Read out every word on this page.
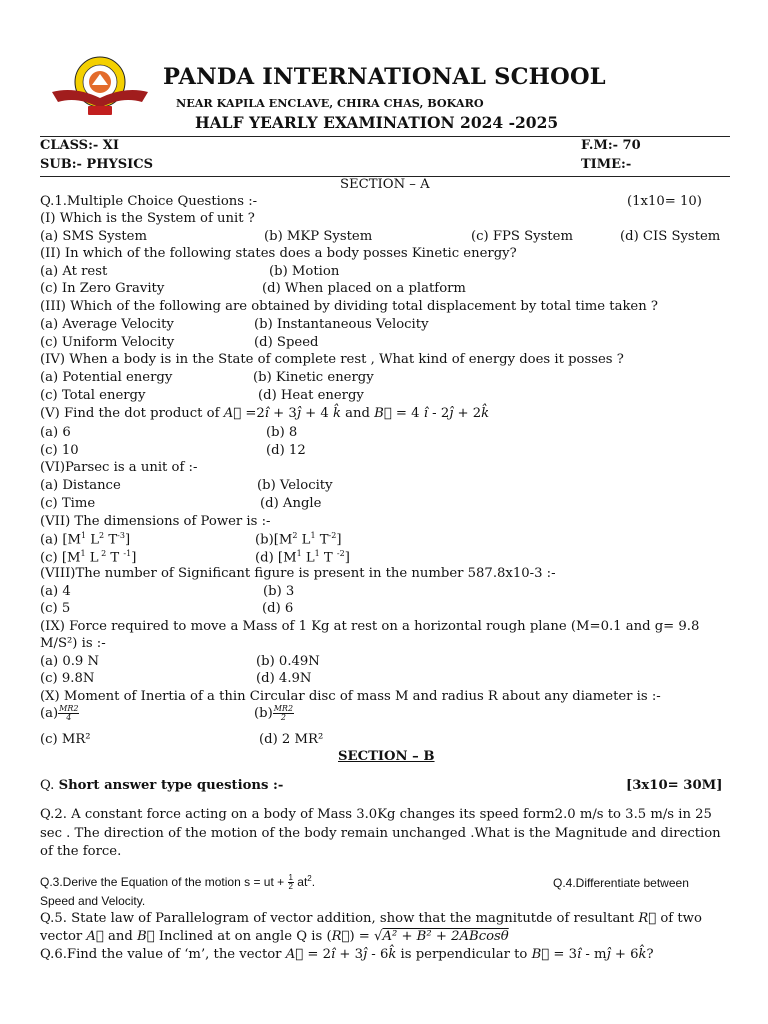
PANDA INTERNATIONAL SCHOOL
NEAR KAPILA ENCLAVE, CHIRA CHAS, BOKARO
HALF YEARLY EXAMINATION 2024 -2025
CLASS:- XI	F.M:- 70
SUB:- PHYSICS	TIME:-
SECTION – A
Q.1.Multiple Choice Questions :-	(1x10= 10)
(I) Which is the System of unit ?
(a) SMS System	(b) MKP System	(c) FPS System	(d) CIS System
(II) In which of the following states does a body posses Kinetic energy?
(a) At rest	(b) Motion
(c) In Zero Gravity	(d) When placed on a platform
(III) Which of the following are obtained by dividing total displacement by total time taken ?
(a) Average Velocity	(b) Instantaneous Velocity
(c) Uniform Velocity	(d) Speed
(IV) When a body is in the State of complete rest , What kind of energy does it posses ?
(a) Potential energy	(b) Kinetic energy
(c) Total energy	(d) Heat energy
(V) Find the dot product of A⃗ =2î + 3ĵ + 4 k̂ and B⃗ = 4 î - 2ĵ + 2k̂
(a) 6	(b) 8
(c) 10	(d) 12
(VI)Parsec is a unit of :-
(a) Distance	(b) Velocity
(c) Time	(d) Angle
(VII) The dimensions of Power is :-
(a) [$M^1$ $L^2$ $T^{-3}$]	$(b)[M^2$ $L^1$ $T^{-2}$]
(c) [$M^1$ L $^2$ T $^{-1}$]	(d) [$M^1$ $L^1$ T $^{-2}$]
(VIII)The number of Significant figure is present in the number 587.8x10-3 :-
(a) 4	(b) 3
(c) 5	(d) 6
(IX) Force required to move a Mass of 1 Kg at rest on a horizontal rough plane (M=0.1 and g= 9.8
M/S²) is :-
(a) 0.9 N	(b) 0.49N
(c) 9.8N	(d) 4.9N
(X) Moment of Inertia of a thin Circular disc of mass M and radius R about any diameter is :-
$(a) \frac{MR2}{4}$	$(b) \frac{MR2}{2}$
(c) MR²	(d) 2 MR²
SECTION – B
Q. Short answer type questions :-	[3x10= 30M]
Q.2. A constant force acting on a body of Mass 3.0Kg changes its speed form2.0 m/s to 3.5 m/s in 25 sec . The direction of the motion of the body remain unchanged .What is the Magnitude and direction of the force.
Q.3.Derive the Equation of the motion s = ut + $\frac{1}{2} at^2$.	Q.4.Differentiate between
Speed and Velocity.
Q.5. State law of Parallelogram of vector addition, show that the magnitutde of resultant R⃗ of two
vector A⃗ and B⃗ Inclined at on angle Q is (R⃗) = √A² + B² + 2ABcosθ
Q.6.Find the value of ‘m’, the vector A⃗ = 2î + 3ĵ - 6k̂ is perpendicular to B⃗ = 3î - mĵ + 6k̂?
